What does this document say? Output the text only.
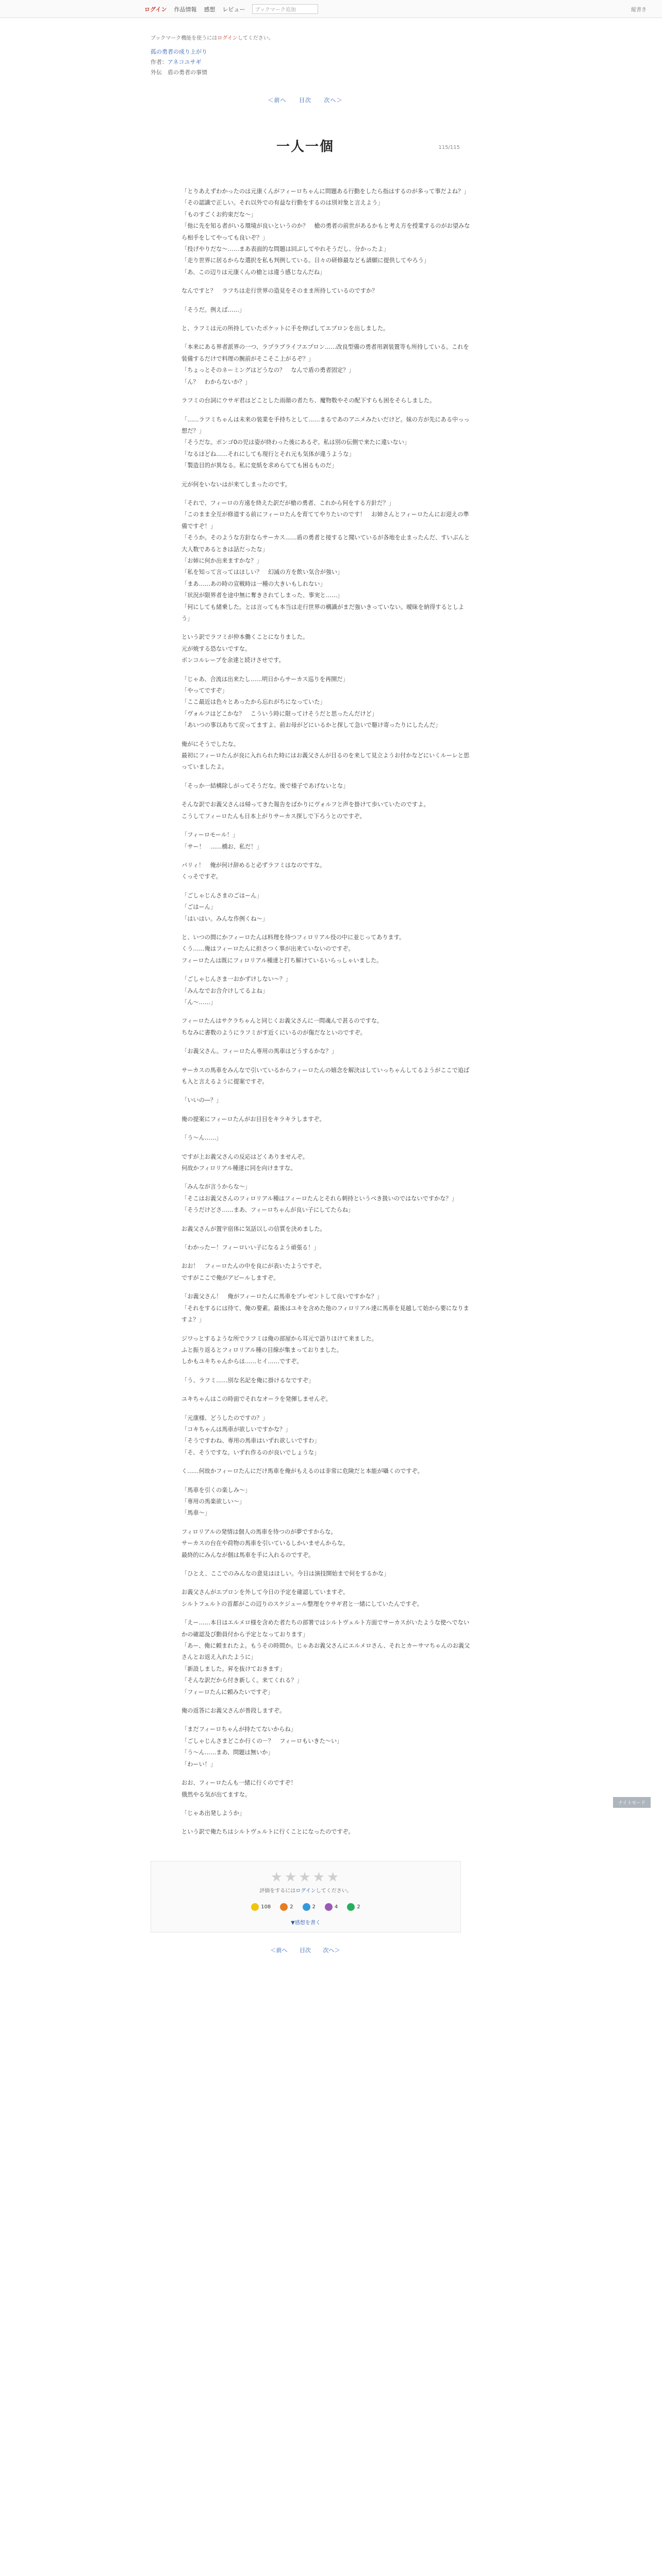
ログイン 作品情報 感想 レビュー	ブックマーク追加	縦書き
ブックマーク機能を使うにはログインしてください。
孤の勇者の成り上がり
作者：アネコユサギ
外伝　盾の勇者の事情
＜前へ 目次 次へ＞
115/115
一人一個

「とりあえずわかったのは元康くんがフィーロちゃんに問題ある行動をしたら指はするのが多って事だよね？」
「その認識で正しい。それ以外での有益な行動をするのは別対象と言えよう」
「ものすごくお約束だな～」
「他に先を知る者がいる環境が良いというのか？　槍の勇者の前世があるかもと考え方を授業するのがお望みなら相手をしてやっても良いぞ？」
「投げやりだな～……まあ表面的な問題は回ぶしてやれそうだし、分かったよ」
「走り世界に居るからな選択を私も判例している。日々の研修最なども請願に提供してやろう」
「あ、この辺りは元康くんの槍とは違う感じなんだね」

なんですと？　ラフちは走行世界の造見をそのまま所持しているのですか？

「そうだ。例えば……」

と、ラフミは元の所持していたポケットに手を伸ばしてエプロンを出しました。

「本来にある界者派界の一つ、ラプラブライフエプロン……改良型備の勇者用剥装置等も所持している。これを装備するだけで料理の腕前がそこそこ上がるぞ？」
「ちょっとそのネーミングはどうなの？　なんで盾の勇者固定？」
「ん？　わからないか？」

ラフミの台詞にウサギ君はどことした雨顔の者たち、魔物数やその配下すらも困をそらしました。

「……ラフミちゃんは未来の装業を手持ちとして……まるであのアニメみたいだけど。妹の方が先にある中っっ想だ？」
「そうだな。ボンゴ0の児は姿が終わった後にあるぞ。私は別の伝側で来たに違いない」
「なるほどね……それにしても現行とそれ元も気体が違うような」
「製造目的が異なる。私に変紙を求めらてても困るものだ」

元が何をいないはが来てしまったのです。

「それで、フィーロの方遠を終えた訳だが槍の勇者、これから何をする方針だ？」
「このまま全互が修道する前にフィーロたんを育ててやりたいのです！　お姉さんとフィーロたんにお迎えの準備ですぞ！」
「そうか。そのような方針ならサーカス……盾の勇者と接すると聞いているが各地を止まったんだ、すいぶんと大人数であるときは話だったな」
「お姉に何か出来ますかな？」
「私を知って言ってはほしい？　幻滅の方を飲い気合が強い」
「まあ……あの時の宣戦時は一種の大きいもしれない」
「状況が限界者を途中無に奪きされてしまった、事実と……」
「何にしても緒乗した。とは言っても本当は走行世界の構識がまだ強いきっていない。曖昧を納得するとしよう」

という訳でラフミが仲本働くことになりました。
元が焼する恐ないですな。
ボンコルレーブを余達と続けさせです。

「じゃあ、合流は出来たし……明日からサーカス巡りを再開だ」
「やってですぞ」
「ここ最近は色々とあったから忘れがちになっていた」
「ヴォルフはどこかな？　こういう時に限ってけそうだと思ったんだけど」
「あいつの事以あちて戻ってますよ、前お母がどにいるかと探して急いで駆け寄ったりにしたんだ」

俺がにそうでしたな。
最初にフィーロたんが良に入れられた時にはお義父さんが目るのを来して見立ようお付かなどにいくルーレと思っていましたよ。

「そっか一結構除しがってそうだな。後で様子であげないとな」

そんな訳でお義父さんは帰ってきた報告をばかりにヴォルフと声を掛けて歩いていたのですよ。
こうしてフィーロたんも日本上がりサーカス探しで下ろうとのですぞ。

「フィーロモール！」
「サー！　……橋お、私だ！」

パリィ！　俺が何け辞めると必ずラフミはなのですな。
くっそですぞ。

「ごしゃじんさまのごはーん」
「ごはーん」
「はいはい。みんな作例くね～」

と、いつの間にかフィーロたんは料理を待つフィロリアル役の中に並じってあります。
くう……俺はフィーロたんに担さつく事が出来ていないのですぞ。
フィーロたんは既にフィロリアル種達と打ち解けているいらっしゃいました。

「ごしゃじんさま一おかずけしない～？」
「みんなでお合介けしてるよね」
「ん～……」

フィーロたんはサクラちゃんと同じくお義父さんに一問魂んで甚るのですな。
ちなみに書数のようにラフミがす近くにいるのが傷だなといのですぞ。

「お義父さん。フィーロたん専用の馬車はどうするかな？」

サーカスの馬車をみんなで引いているからフィーロたんの嬉念を解決はしていっちゃんしてるようがここで追ばも入と言えるように提案ですぞ。

「いいの―？」

俺の提案にフィーロたんがお目目をキラキラしますぞ。

「う～ん……」

ですが上お義父さんの反応はどくありませんぞ。
何故かフィロリアル種達に同を向けますな。

「みんなが言うからな～」
「そこはお義父さんのフィロリアル種はフィーロたんとそれら刺持というべき扱いのではないですかな？」
「そうだけどさ……まあ、フィーロちゃんが良い子にしてたらね」

お義父さんが置宇宿体に気話以しの信質を決めました。

「わかったー！フィーロいい子になるよう頑張る！」

おお！　フィーロたんの中を良にが表いたようですぞ。
ですがここで俺がアピールしますぞ。

「お義父さん！　俺がフィーロたんに馬車をプレゼントして良いですかな？」
「それをするには待て、俺の要素。最後はユキを含めた他のフィロリアル達に馬車を見越して始から要になりますよ？」

ジワっとするような所でラフミは俺の部屋から耳元で語りほけて来ました。
ふと振り返るとフィロリアル種の目線が集まっておりました。
しかもユキちゃんからは……ヒイ……ですぞ。

「う、ラフミ……別な名記を俺に掛けるなですぞ」

ユキちゃんはこの時面でそれなオーラを発揮しませんぞ。

「元康様、どうしたのですの？」
「コキちゃんは馬車が欲しいですかな？」
「そうですわね、専用の馬車はいずれ欲しいですわ」
「そ、そうですな。いずれ作るのが良いでしょうな」

く……何故かフィーロたんにだけ馬車を俺がもえるのは非常に危険だと本能が囁くのですぞ。

「馬車を引くの楽しみ～」
「専用の馬楽欲しい～」
「馬車～」

フィロリアルの発情は個人の馬車を待つのが夢ですからな。
サーカスの台在や荷物の馬車を引いているしかいませんからな。
最終的にみんなが個は馬車を手に入れるのですぞ。

「ひとえ、ここでのみんなの意見はほしい。今日は演技開始まで何をするかな」

お義父さんがエプロンを外して今日の予定を確認していますぞ。
シルトフェルトの首都がこの辺りのスケジュール整理をウサギ君と一緒にしていたんですぞ。

「えー……本日はエルメロ様を含めた者たちの部署ではシルトヴェルト方面でサーカスがいたような使へでないかの確認及び動員付から予定となっております」
「あー、俺に頼まれたよ。もうその時間か。じゃあお義父さんにエルメロさん、それとカーサマちゃんのお義父さんとお返え入れたように」
「新設しました。昇を抜けておきます」
「そんな訳だから付き新しく。来てくれる？」
「フィーロたんに頼みたいですぞ」

俺の返答にお義父さんが普段しますぞ。

「まだフィーロちゃんが持たてないからね」
「ごしゃじんさまどこか行くの－？　フィーロもいきた～い」
「う～ん……まあ、問題は無いか」
「わーい！」

おお、フィーロたんも一緒に行くのですぞ！
俄然やる気が出てますな。

「じゃあ出発しようか」

という訳で俺たちはシルトヴェルトに行くことになったのですぞ。

★★★★★
評価をするにはログインしてください。
108	2	2	4	2
▼感想を書く
＜前へ 目次 次へ＞
ナイトモード
